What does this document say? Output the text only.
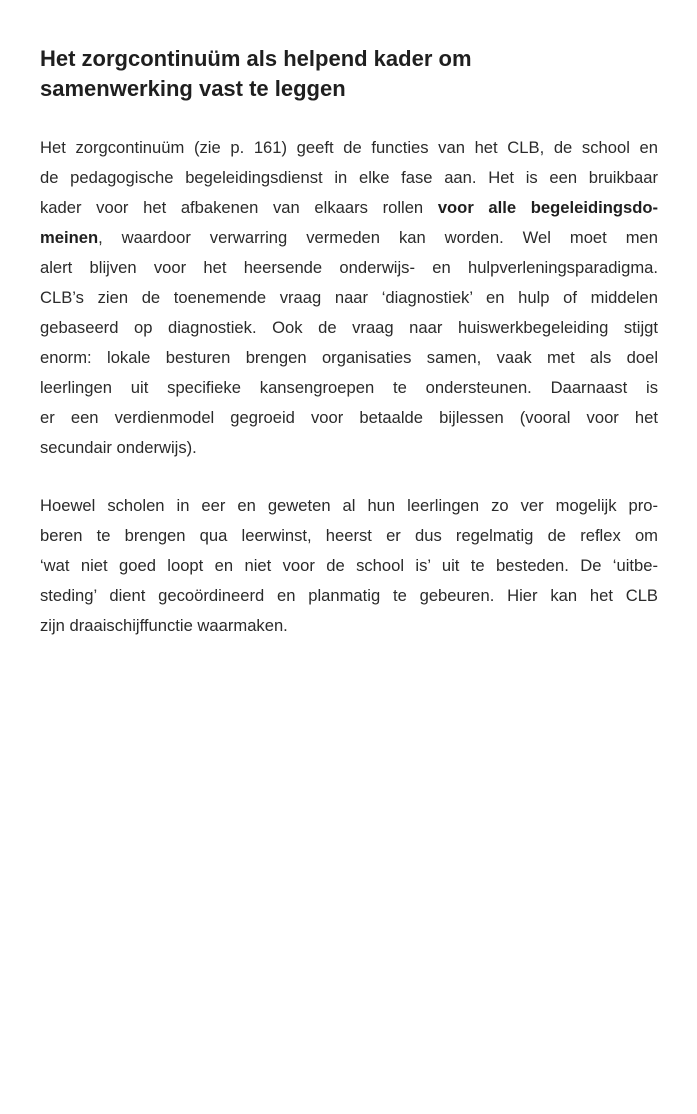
Het zorgcontinuüm als helpend kader om
samenwerking vast te leggen

Het zorgcontinuüm (zie p. 161) geeft de functies van het CLB, de school en
de pedagogische begeleidingsdienst in elke fase aan. Het is een bruikbaar
kader voor het afbakenen van elkaars rollen voor alle begeleidingsdo-
meinen, waardoor verwarring vermeden kan worden. Wel moet men
alert blijven voor het heersende onderwijs- en hulpverleningsparadigma.
CLB’s zien de toenemende vraag naar ‘diagnostiek’ en hulp of middelen
gebaseerd op diagnostiek. Ook de vraag naar huiswerkbegeleiding stijgt
enorm: lokale besturen brengen organisaties samen, vaak met als doel
leerlingen uit specifieke kansengroepen te ondersteunen. Daarnaast is
er een verdienmodel gegroeid voor betaalde bijlessen (vooral voor het
secundair onderwijs).

Hoewel scholen in eer en geweten al hun leerlingen zo ver mogelijk pro-
beren te brengen qua leerwinst, heerst er dus regelmatig de reflex om
‘wat niet goed loopt en niet voor de school is’ uit te besteden. De ‘uitbe-
steding’ dient gecoördineerd en planmatig te gebeuren. Hier kan het CLB
zijn draaischijffunctie waarmaken.
